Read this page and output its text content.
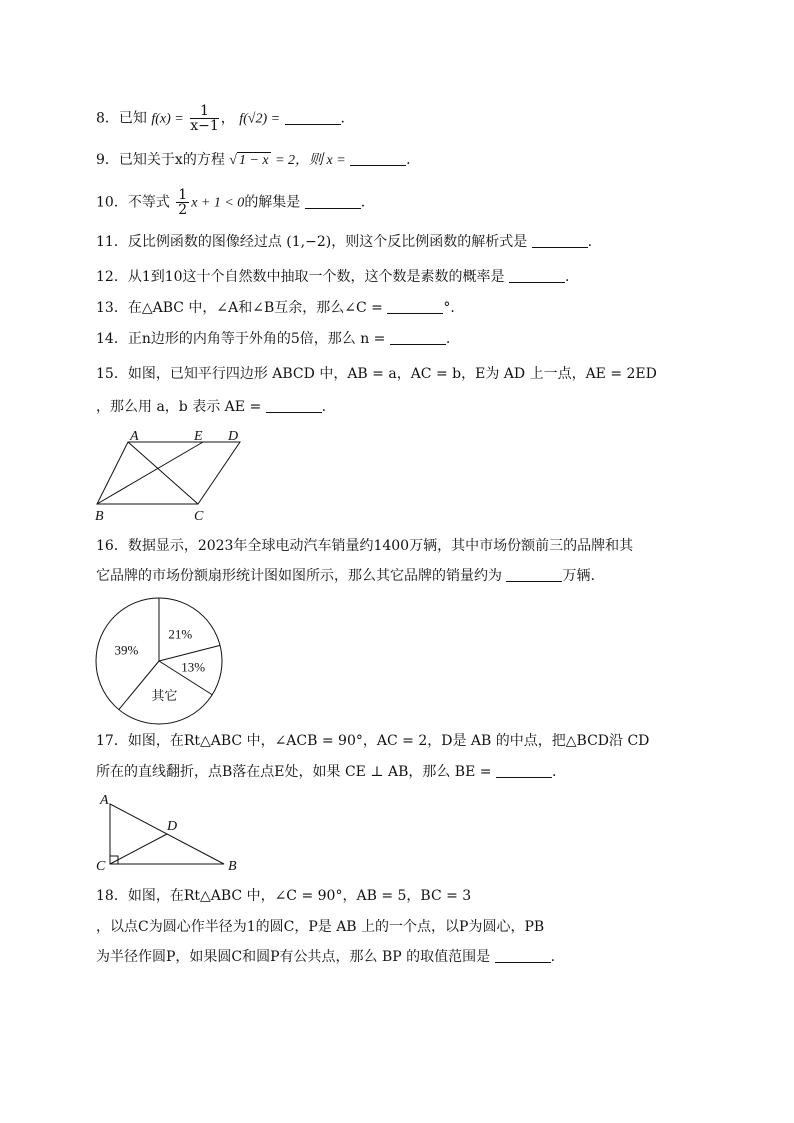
8．已知 $f(x) = \frac{1}{x-1}$ ， f(√2) =	.
9．已知关于x的方程 √ 1 − x = 2，则 x =	.
10．不等式 $\frac{1}{2}$ x + 1 < 0的解集是	.
11．反比例函数的图像经过点 (1,−2)，则这个反比例函数的解析式是	.
12．从1到10这十个自然数中抽取一个数，这个数是素数的概率是	.
13．在△ABC 中，∠A和∠B互余，那么∠C =	°.
14．正n边形的内角等于外角的5倍，那么 n =	.
15．如图，已知平行四边形 ABCD 中，AB = a，AC = b，E为 AD 上一点，AE = 2ED
，那么用 a，b 表示 AE =	.
A	E D
B	C
16．数据显示，2023年全球电动汽车销量约1400万辆，其中市场份额前三的品牌和其
它品牌的市场份额扇形统计图如图所示，那么其它品牌的销量约为	万辆.
21%
13%
其它
39%
17．如图，在Rt△ABC 中，∠ACB = 90°，AC = 2，D是 AB 的中点，把△BCD沿 CD
所在的直线翻折，点B落在点E处，如果 CE ⊥ AB，那么 BE =	.
A
D
C	B
18．如图，在Rt△ABC 中，∠C = 90°，AB = 5，BC = 3
，以点C为圆心作半径为1的圆C，P是 AB 上的一个点，以P为圆心，PB
为半径作圆P，如果圆C和圆P有公共点，那么 BP 的取值范围是	.
